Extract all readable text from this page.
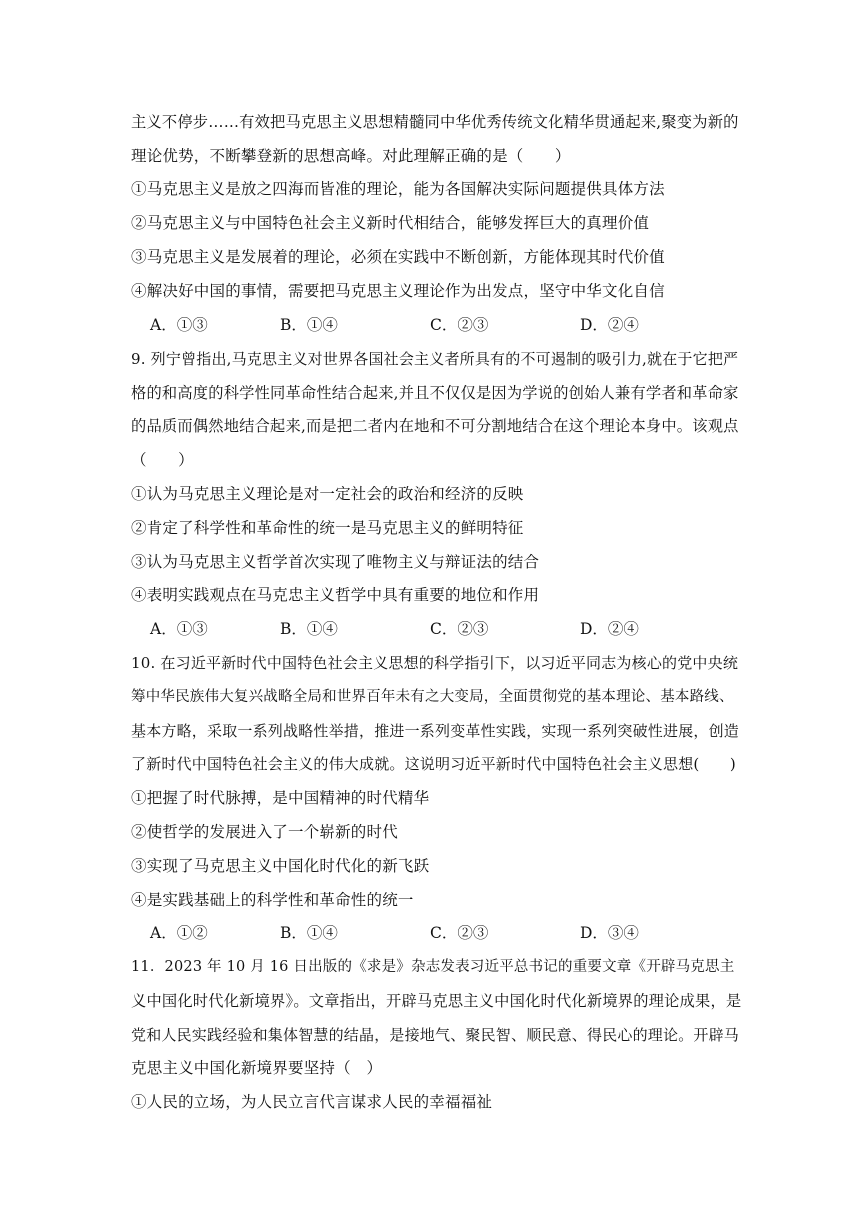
主义不停步……有效把马克思主义思想精髓同中华优秀传统文化精华贯通起来,聚变为新的
理论优势，不断攀登新的思想高峰。对此理解正确的是（　　）
①马克思主义是放之四海而皆准的理论，能为各国解决实际问题提供具体方法
②马克思主义与中国特色社会主义新时代相结合，能够发挥巨大的真理价值
③马克思主义是发展着的理论，必须在实践中不断创新，方能体现其时代价值
④解决好中国的事情，需要把马克思主义理论作为出发点，坚守中华文化自信
A．①③	B．①④	C．②③	D．②④
9. 列宁曾指出,马克思主义对世界各国社会主义者所具有的不可遏制的吸引力,就在于它把严
格的和高度的科学性同革命性结合起来,并且不仅仅是因为学说的创始人兼有学者和革命家
的品质而偶然地结合起来,而是把二者内在地和不可分割地结合在这个理论本身中。该观点
（　　）
①认为马克思主义理论是对一定社会的政治和经济的反映
②肯定了科学性和革命性的统一是马克思主义的鲜明特征
③认为马克思主义哲学首次实现了唯物主义与辩证法的结合
④表明实践观点在马克忠主义哲学中具有重要的地位和作用
A．①③	B．①④	C．②③	D．②④
10. 在习近平新时代中国特色社会主义思想的科学指引下，以习近平同志为核心的党中央统
筹中华民族伟大复兴战略全局和世界百年未有之大变局，全面贯彻党的基本理论、基本路线、
基本方略，采取一系列战略性举措，推进一系列变革性实践，实现一系列突破性进展，创造
了新时代中国特色社会主义的伟大成就。这说明习近平新时代中国特色社会主义思想(　　)
①把握了时代脉搏，是中国精神的时代精华
②使哲学的发展进入了一个崭新的时代
③实现了马克思主义中国化时代化的新飞跃
④是实践基础上的科学性和革命性的统一
A．①②	B．①④	C．②③	D．③④
11．2023 年 10 月 16 日出版的《求是》杂志发表习近平总书记的重要文章《开辟马克思主
义中国化时代化新境界》。文章指出，开辟马克思主义中国化时代化新境界的理论成果，是
党和人民实践经验和集体智慧的结晶，是接地气、聚民智、顺民意、得民心的理论。开辟马
克思主义中国化新境界要坚持（　）
①人民的立场，为人民立言代言谋求人民的幸福福祉
